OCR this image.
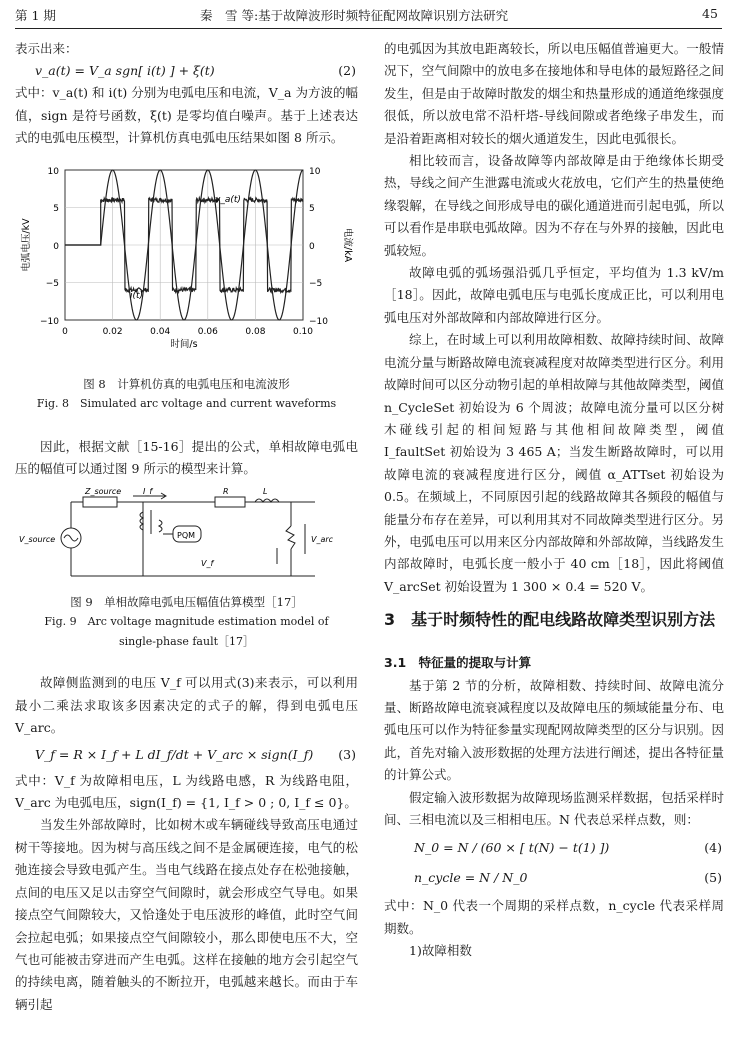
第 1 期	秦　雪 等:基于故障波形时频特征配网故障识别方法研究	45
表示出来：
v_a(t) = V_a sgn[ i(t) ] + ξ(t)	(2)
式中：v_a(t) 和 i(t) 分别为电弧电压和电流，V_a 为方波的幅值，sign 是符号函数，ξ(t) 是零均值白噪声。基于上述表达式的电弧电压模型，计算机仿真电弧电压结果如图 8 所示。
10
5
0
−5
−10
10
5
0
−5
−10
0	0.02	0.04	0.06	0.08	0.10
时间/s
电弧电压/kV	电流/kA
v_a(t)
i(t)
图 8　计算机仿真的电弧电压和电流波形
Fig. 8　Simulated arc voltage and current waveforms
因此，根据文献［15-16］提出的公式，单相故障电弧电压的幅值可以通过图 9 所示的模型来计算。
I_f
Z_source	R	L
V_source	PQM
V_f
V_arc
图 9　单相故障电弧电压幅值估算模型［17］
Fig. 9　Arc voltage magnitude estimation model of
single-phase fault［17］
故障侧监测到的电压 V_f 可以用式(3)来表示，可以利用最小二乘法求取该多因素决定的式子的解，得到电弧电压 V_arc。
V_f = R × I_f + L dI_f/dt + V_arc × sign(I_f) (3)
式中：V_f 为故障相电压，L 为线路电感，R 为线路电阻，V_arc 为电弧电压，sign(I_f) = {1, I_f > 0 ; 0, I_f ≤ 0}。
当发生外部故障时，比如树木或车辆碰线导致高压电通过树干等接地。因为树与高压线之间不是金属硬连接，电气的松弛连接会导致电弧产生。当电气线路在接点处存在松弛接触，点间的电压又足以击穿空气间隙时，就会形成空气导电。如果接点空气间隙较大，又恰逢处于电压波形的峰值，此时空气间会拉起电弧；如果接点空气间隙较小，那么即使电压不大，空气也可能被击穿进而产生电弧。这样在接触的地方会引起空气的持续电离，随着触头的不断拉开，电弧越来越长。而由于车辆引起
的电弧因为其放电距离较长，所以电压幅值普遍更大。一般情况下，空气间隙中的放电多在接地体和导电体的最短路径之间发生，但是由于故障时散发的烟尘和热量形成的通道绝缘强度很低，所以放电常不沿杆塔-导线间隙或者绝缘子串发生，而是沿着距离相对较长的烟火通道发生，因此电弧很长。
相比较而言，设备故障等内部故障是由于绝缘体长期受热，导线之间产生泄露电流或火花放电，它们产生的热量使绝缘裂解，在导线之间形成导电的碳化通道进而引起电弧，所以可以看作是串联电弧故障。因为不存在与外界的接触，因此电弧较短。
故障电弧的弧场强沿弧几乎恒定，平均值为 1.3 kV/m［18］。因此，故障电弧电压与电弧长度成正比，可以利用电弧电压对外部故障和内部故障进行区分。
综上，在时域上可以利用故障相数、故障持续时间、故障电流分量与断路故障电流衰减程度对故障类型进行区分。利用故障时间可以区分动物引起的单相故障与其他故障类型，阈值 n_CycleSet 初始设为 6 个周波；故障电流分量可以区分树木碰线引起的相间短路与其他相间故障类型，阈值 I_faultSet 初始设为 3 465 A；当发生断路故障时，可以用故障电流的衰减程度进行区分，阈值 α_ATTset 初始设为 0.5。在频域上，不同原因引起的线路故障其各频段的幅值与能量分布存在差异，可以利用其对不同故障类型进行区分。另外，电弧电压可以用来区分内部故障和外部故障，当线路发生内部故障时，电弧长度一般小于 40 cm［18］，因此将阈值 V_arcSet 初始设置为 1 300 × 0.4 = 520 V。
3　基于时频特性的配电线路故障类型识别方法
3.1　特征量的提取与计算
基于第 2 节的分析，故障相数、持续时间、故障电流分量、断路故障电流衰减程度以及故障电压的频域能量分布、电弧电压可以作为特征参量实现配网故障类型的区分与识别。因此，首先对输入波形数据的处理方法进行阐述，提出各特征量的计算公式。
假定输入波形数据为故障现场监测采样数据，包括采样时间、三相电流以及三相相电压。N 代表总采样点数，则：
N_0 = N / (60 × [ t(N) − t(1) ])	(4)
n_cycle = N / N_0	(5)
式中：N_0 代表一个周期的采样点数，n_cycle 代表采样周期数。
1)故障相数
